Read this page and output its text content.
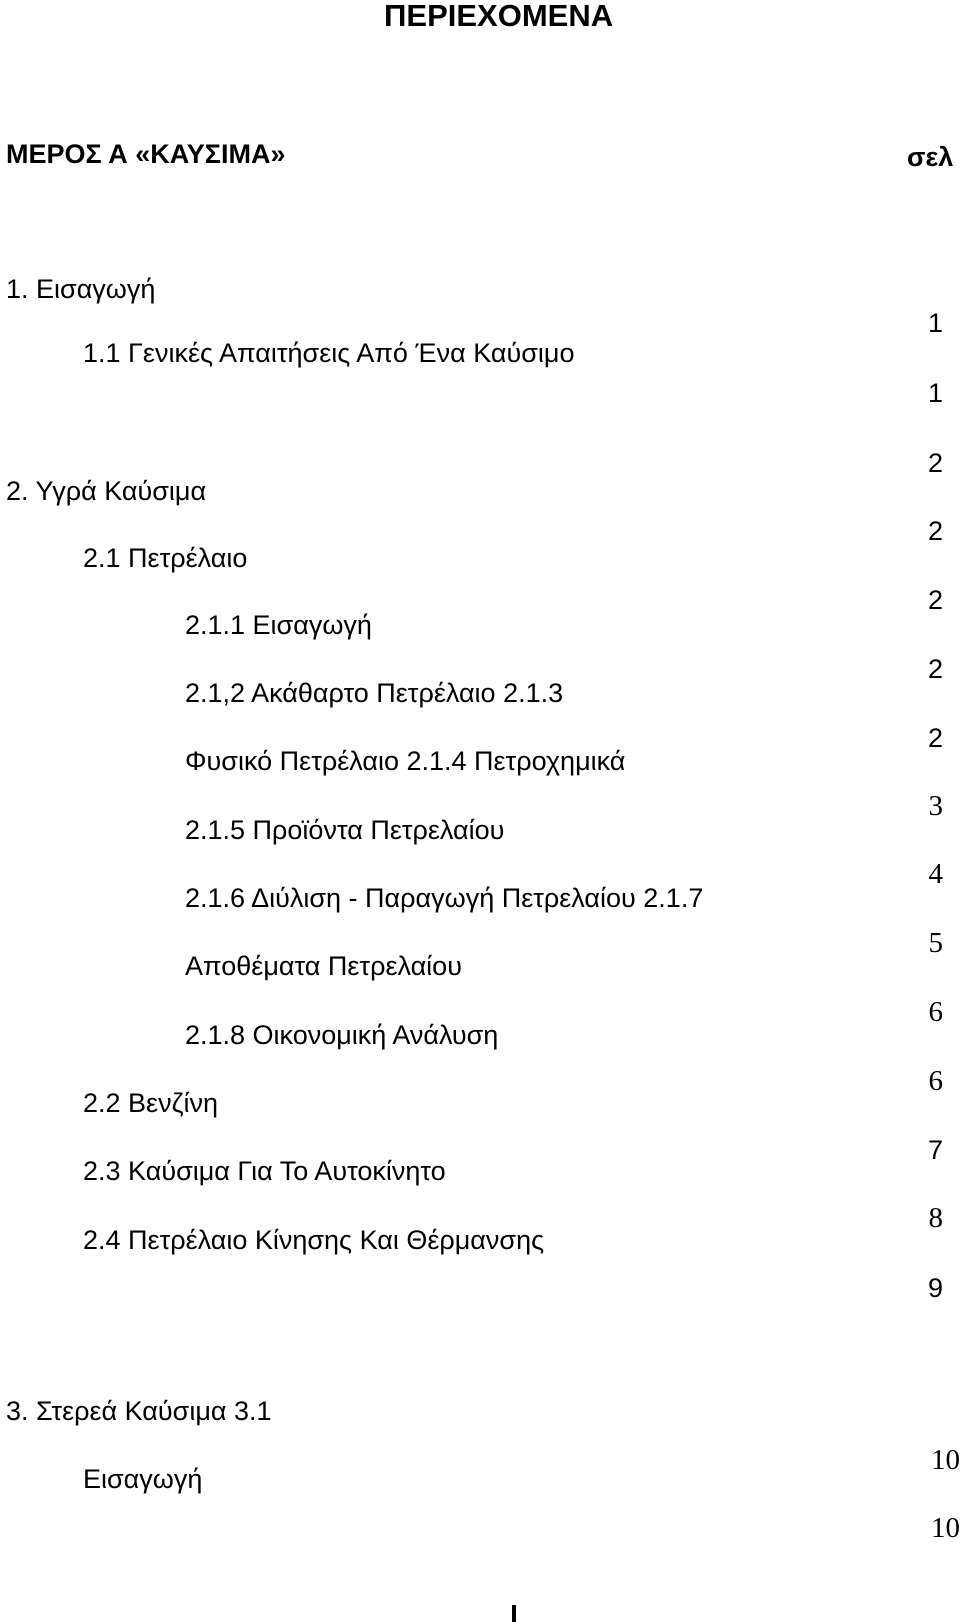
ΠΕΡΙΕΧΟΜΕΝΑ
ΜΕΡΟΣ Α «ΚΑΥΣΙΜΑ»	σελ
1. Εισαγωγή
1.1 Γενικές Απαιτήσεις Από Ένα Καύσιμο
2. Υγρά Καύσιμα
2.1 Πετρέλαιο
2.1.1 Εισαγωγή
2.1,2 Ακάθαρτο Πετρέλαιο 2.1.3
Φυσικό Πετρέλαιο 2.1.4 Πετροχημικά
2.1.5 Προϊόντα Πετρελαίου
2.1.6 Διύλιση - Παραγωγή Πετρελαίου 2.1.7
Αποθέματα Πετρελαίου
2.1.8 Οικονομική Ανάλυση
2.2 Βενζίνη
2.3 Καύσιμα Για Το Αυτοκίνητο
2.4 Πετρέλαιο Κίνησης Και Θέρμανσης
3. Στερεά Καύσιμα 3.1
Εισαγωγή
1
1
2
2
2
2
2
3
4
5
6
6
7
8
9
10
10
